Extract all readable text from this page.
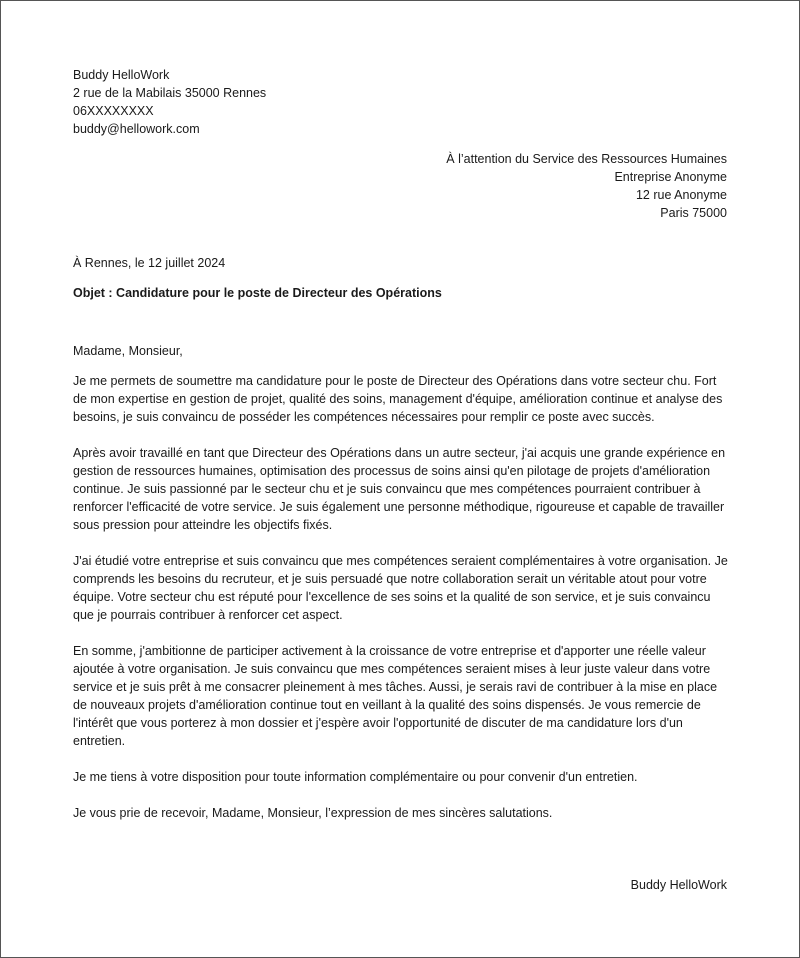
Buddy HelloWork
2 rue de la Mabilais 35000 Rennes
06XXXXXXXX
buddy@hellowork.com
À l’attention du Service des Ressources Humaines
Entreprise Anonyme
12 rue Anonyme
Paris 75000
À Rennes, le 12 juillet 2024
Objet : Candidature pour le poste de Directeur des Opérations
Madame, Monsieur,

Je me permets de soumettre ma candidature pour le poste de Directeur des Opérations dans votre secteur chu. Fort de mon expertise en gestion de projet, qualité des soins, management d'équipe, amélioration continue et analyse des besoins, je suis convaincu de posséder les compétences nécessaires pour remplir ce poste avec succès.

Après avoir travaillé en tant que Directeur des Opérations dans un autre secteur, j'ai acquis une grande expérience en gestion de ressources humaines, optimisation des processus de soins ainsi qu'en pilotage de projets d'amélioration continue. Je suis passionné par le secteur chu et je suis convaincu que mes compétences pourraient contribuer à renforcer l'efficacité de votre service. Je suis également une personne méthodique, rigoureuse et capable de travailler sous pression pour atteindre les objectifs fixés.

J'ai étudié votre entreprise et suis convaincu que mes compétences seraient complémentaires à votre organisation. Je comprends les besoins du recruteur, et je suis persuadé que notre collaboration serait un véritable atout pour votre équipe. Votre secteur chu est réputé pour l'excellence de ses soins et la qualité de son service, et je suis convaincu que je pourrais contribuer à renforcer cet aspect.

En somme, j'ambitionne de participer activement à la croissance de votre entreprise et d'apporter une réelle valeur ajoutée à votre organisation. Je suis convaincu que mes compétences seraient mises à leur juste valeur dans votre service et je suis prêt à me consacrer pleinement à mes tâches. Aussi, je serais ravi de contribuer à la mise en place de nouveaux projets d'amélioration continue tout en veillant à la qualité des soins dispensés. Je vous remercie de l'intérêt que vous porterez à mon dossier et j'espère avoir l'opportunité de discuter de ma candidature lors d'un entretien.

Je me tiens à votre disposition pour toute information complémentaire ou pour convenir d'un entretien.

Je vous prie de recevoir, Madame, Monsieur, l’expression de mes sincères salutations.

Buddy HelloWork
